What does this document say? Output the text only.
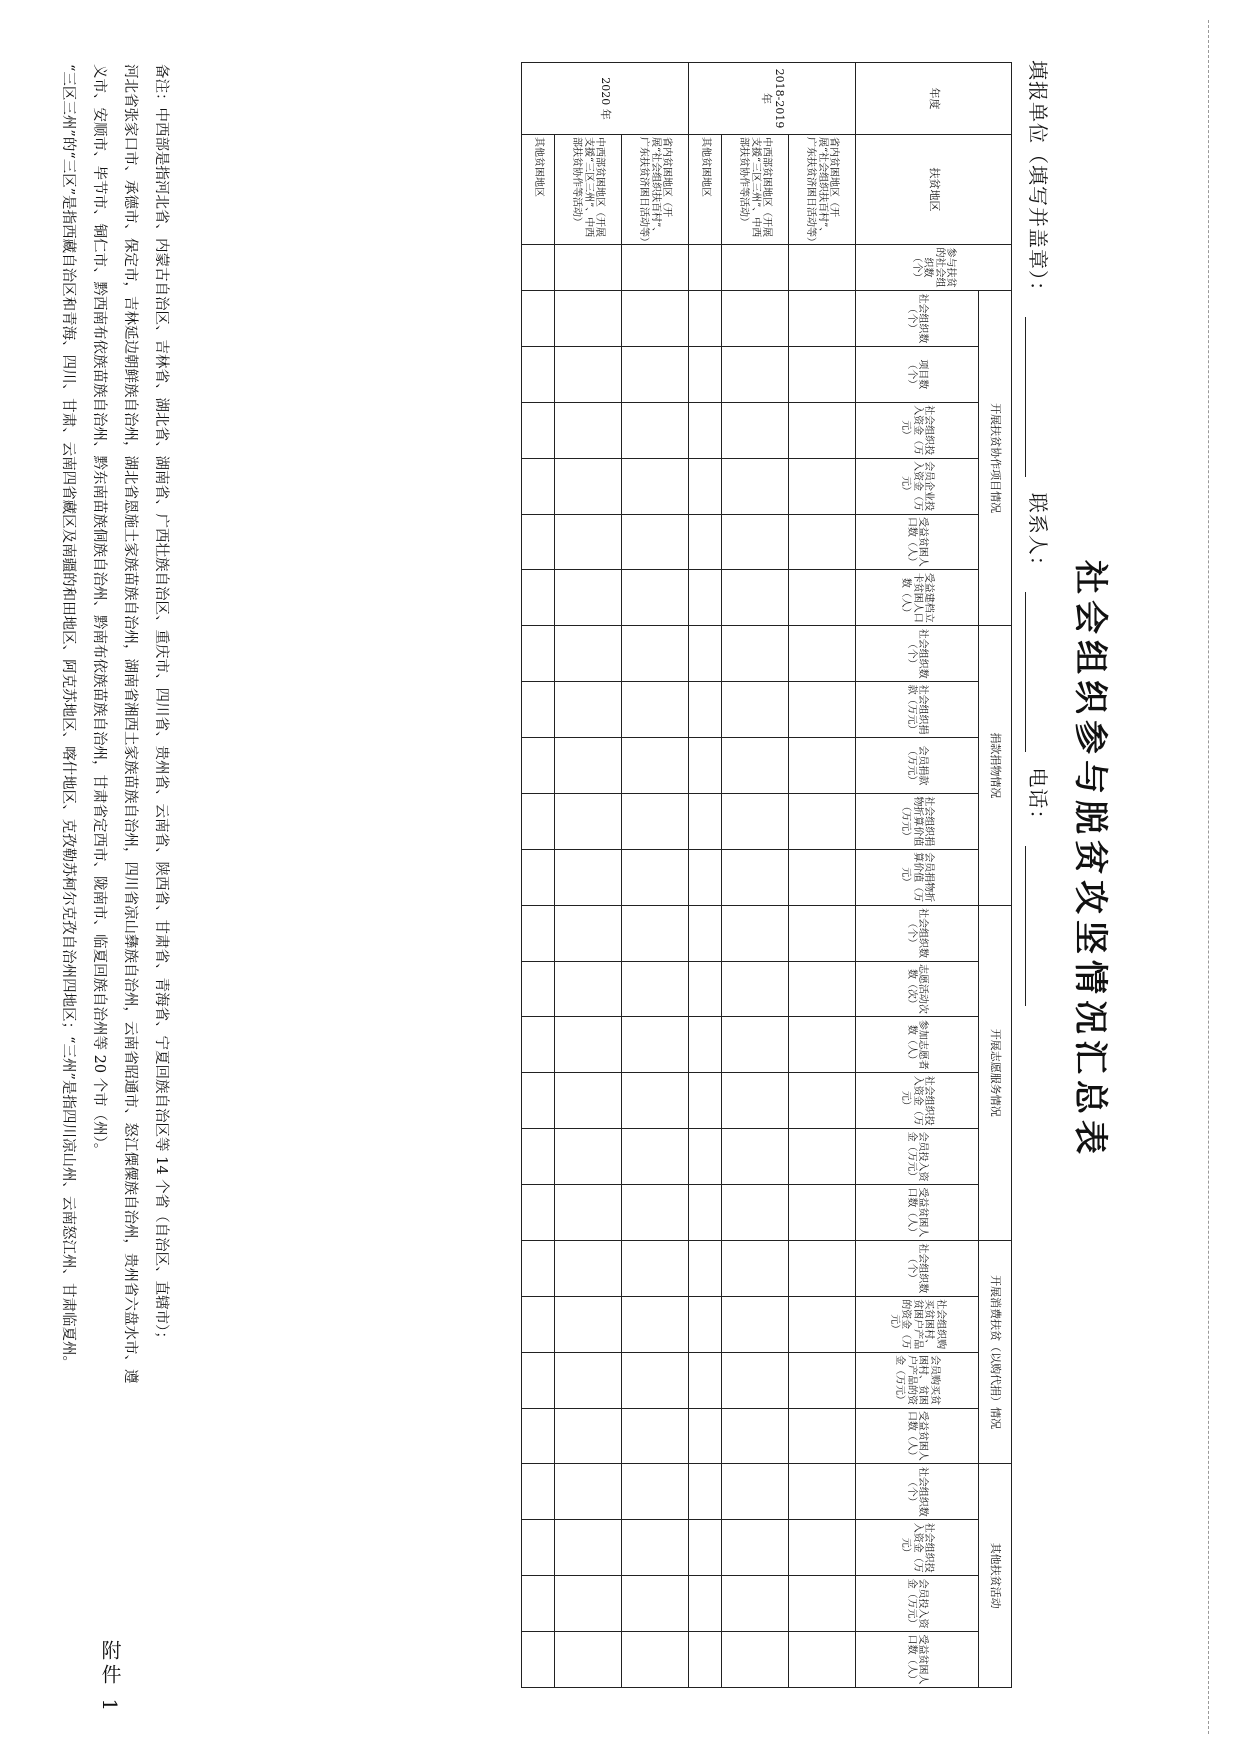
附件 1
社会组织参与脱贫攻坚情况汇总表
填报单位（填写并盖章）：   联系人：   电话：
年度	扶贫地区	参与扶贫的社会组织数（个）	开展扶贫协作项目情况						捐款捐物情况					开展志愿服务情况						开展消费扶贫（以购代捐）情况				其他扶贫活动			
			社会组织数（个）	项目数（个）	社会组织投入资金（万元）	会员企业投入资金（万元）	受益贫困人口数（人）	受益建档立卡贫困人口数（人）	社会组织数（个）	社会组织捐款（万元）	会员捐款（万元）	社会组织捐物折算价值（万元）	会员捐物折算价值（万元）	社会组织数（个）	志愿活动次数（次）	参加志愿者数（人）	社会组织投入资金（万元）	会员投入资金（万元）	受益贫困人口数（人）	社会组织数（个）	社会组织购买贫困村、贫困户产品的资金（万元）	会员购买贫困村、贫困户产品的资金（万元）	受益贫困人口数（人）	社会组织数（个）	社会组织投入资金（万元）	会员投入资金（万元）	受益贫困人口数（人）
2018-2019 年	省内贫困地区（开展“社会组织扶百村”、广东扶贫济困日活动等）																										
	中西部贫困地区（开展支援“三区三州”、中西部扶贫协作等活动）																										
	其他贫困地区																										
2020 年	省内贫困地区（开展“社会组织扶百村”、广东扶贫济困日活动等）																										
	中西部贫困地区（开展支援“三区三州”、中西部扶贫协作等活动）																										
	其他贫困地区																										
备注：中西部是指河北省、内蒙古自治区、吉林省、湖北省、湖南省、广西壮族自治区、重庆市、四川省、贵州省、云南省、陕西省、甘肃省、青海省、宁夏回族自治区等 14 个省（自治区、直辖市）；
河北省张家口市、承德市、保定市，吉林延边朝鲜族自治州，湖北省恩施土家族苗族自治州，湖南省湘西土家族苗族自治州，四川省凉山彝族自治州，云南省昭通市、怒江傈僳族自治州，贵州省六盘水市、遵
义市、安顺市、毕节市、铜仁市、黔西南布依族苗族自治州、黔东南苗族侗族自治州、黔南布依族苗族自治州，甘肃省定西市、陇南市、临夏回族自治州等 20 个市（州）。
“三区三州”的“三区”是指西藏自治区和青海、四川、甘肃、云南四省藏区及南疆的和田地区、阿克苏地区、喀什地区、克孜勒苏柯尔克孜自治州四地区；“三州”是指四川凉山州、云南怒江州、甘肃临夏州。
